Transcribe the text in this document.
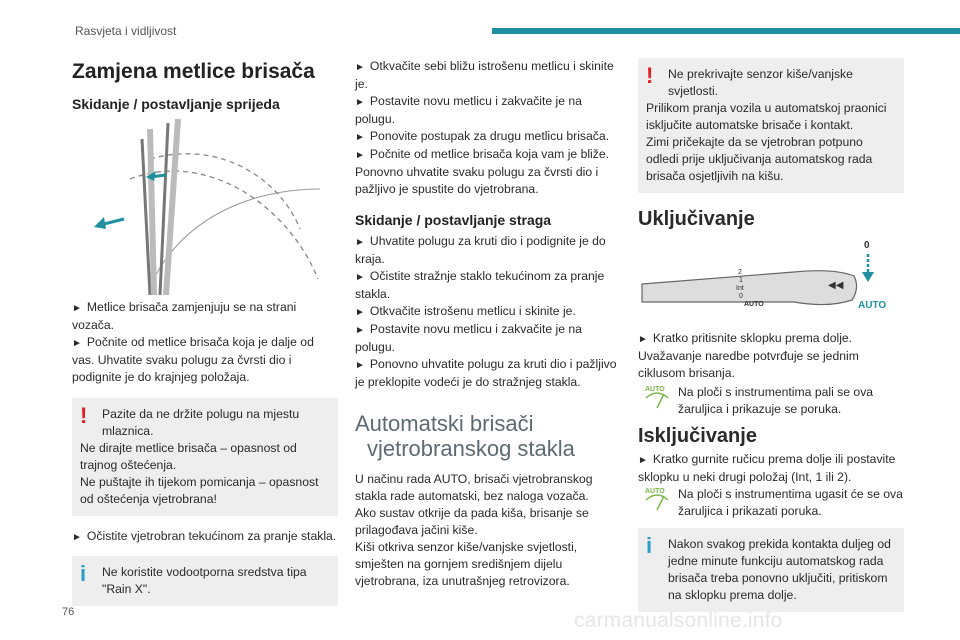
Rasvjeta i vidljivost
Zamjena metlice brisača
Skidanje / postavljanje sprijeda

► Metlice brisača zamjenjuju se na strani vozača.

► Počnite od metlice brisača koja je dalje od vas. Uhvatite svaku polugu za čvrsti dio i podignite je do krajnjeg položaja.

!	Pazite da ne držite polugu na mjestu mlaznica.

Ne dirajte metlice brisača – opasnost od trajnog oštećenja.
Ne puštajte ih tijekom pomicanja – opasnost od oštećenja vjetrobrana!

► Očistite vjetrobran tekućinom za pranje stakla.

i Ne koristite vodootporna sredstva tipa "Rain X".

► Otkvačite sebi bližu istrošenu metlicu i skinite je.

► Postavite novu metlicu i zakvačite je na polugu.

► Ponovite postupak za drugu metlicu brisača.

► Počnite od metlice brisača koja vam je bliže.

Ponovno uhvatite svaku polugu za čvrsti dio i pažljivo je spustite do vjetrobrana.

Skidanje / postavljanje straga

► Uhvatite polugu za kruti dio i podignite je do kraja.

► Očistite stražnje staklo tekućinom za pranje stakla.

► Otkvačite istrošenu metlicu i skinite je.

► Postavite novu metlicu i zakvačite je na polugu.

► Ponovno uhvatite polugu za kruti dio i pažljivo je preklopite vodeći je do stražnjeg stakla.

Automatski brisači
vjetrobranskog stakla

U načinu rada AUTO, brisači vjetrobranskog stakla rade automatski, bez naloga vozača.
Ako sustav otkrije da pada kiša, brisanje se prilagođava jačini kiše.
Kiši otkriva senzor kiše/vanjske svjetlosti, smješten na gornjem središnjem dijelu vjetrobrana, iza unutrašnjeg retrovizora.

!	Ne prekrivajte senzor kiše/vanjske svjetlosti.

Prilikom pranja vozila u automatskoj praonici isključite automatske brisače i kontakt.
Zimi pričekajte da se vjetrobran potpuno odledi prije uključivanja automatskog rada brisača osjetljivih na kišu.

Uključivanje
2
1
Int
0
AUTO
◀◀
0
AUTO

► Kratko pritisnite sklopku prema dolje.

Uvažavanje naredbe potvrđuje se jednim ciklusom brisanja.

AUTO Na ploči s instrumentima pali se ova žaruljica i prikazuje se poruka.

Isključivanje

► Kratko gurnite ručicu prema dolje ili postavite sklopku u neki drugi položaj (Int, 1 ili 2).

AUTO Na ploči s instrumentima ugasit će se ova žaruljica i prikazati poruka.

i Nakon svakog prekida kontakta duljeg od jedne minute funkciju automatskog rada brisača treba ponovno uključiti, pritiskom na sklopku prema dolje.

76	carmanualsonline.info
